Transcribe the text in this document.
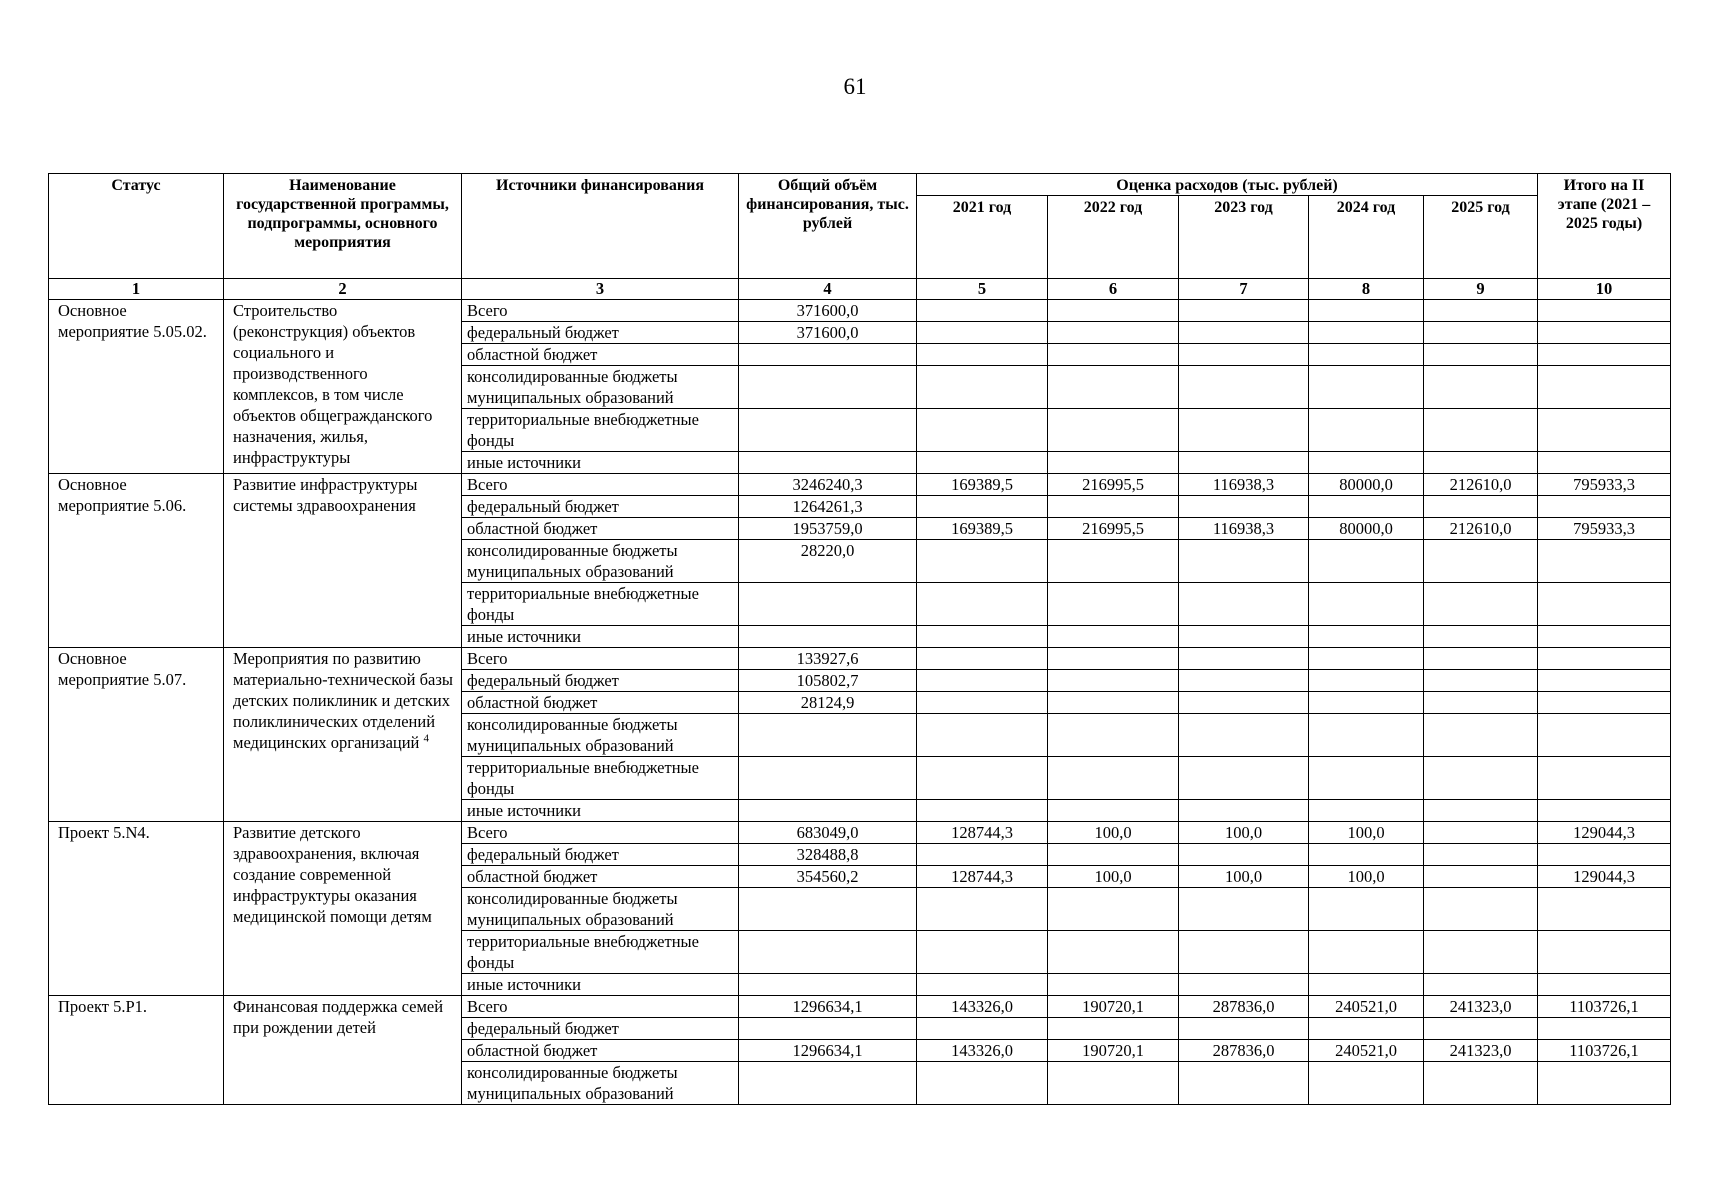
61
Статус	Наименование государственной программы, подпрограммы, основного мероприятия	Источники финансирования	Общий объём финансирования, тыс. рублей	Оценка расходов (тыс. рублей)					Итого на II этапе (2021 – 2025 годы)
				2021 год	2022 год	2023 год	2024 год	2025 год	
1	2	3	4	5	6	7	8	9	10
Основное мероприятие 5.05.02.	Строительство (реконструкция) объектов социального и производственного комплексов, в том числе объектов общегражданского назначения, жилья, инфраструктуры	Всего	371600,0						
		федеральный бюджет	371600,0						
		областной бюджет							
		консолидированные бюджеты муниципальных образований							
		территориальные внебюджетные фонды							
		иные источники							
Основное мероприятие 5.06.	Развитие инфраструктуры системы здравоохранения	Всего	3246240,3	169389,5	216995,5	116938,3	80000,0	212610,0	795933,3
		федеральный бюджет	1264261,3						
		областной бюджет	1953759,0	169389,5	216995,5	116938,3	80000,0	212610,0	795933,3
		консолидированные бюджеты муниципальных образований	28220,0						
		территориальные внебюджетные фонды							
		иные источники							
Основное мероприятие 5.07.	Мероприятия по развитию материально-технической базы детских поликлиник и детских поликлинических отделений медицинских организаций $^4$	Всего	133927,6						
		федеральный бюджет	105802,7						
		областной бюджет	28124,9						
		консолидированные бюджеты муниципальных образований							
		территориальные внебюджетные фонды							
		иные источники							
Проект 5.N4.	Развитие детского здравоохранения, включая создание современной инфраструктуры оказания медицинской помощи детям	Всего	683049,0	128744,3	100,0	100,0	100,0		129044,3
		федеральный бюджет	328488,8						
		областной бюджет	354560,2	128744,3	100,0	100,0	100,0		129044,3
		консолидированные бюджеты муниципальных образований							
		территориальные внебюджетные фонды							
		иные источники							
Проект 5.P1.	Финансовая поддержка семей при рождении детей	Всего	1296634,1	143326,0	190720,1	287836,0	240521,0	241323,0	1103726,1
		федеральный бюджет							
		областной бюджет	1296634,1	143326,0	190720,1	287836,0	240521,0	241323,0	1103726,1
		консолидированные бюджеты муниципальных образований							
